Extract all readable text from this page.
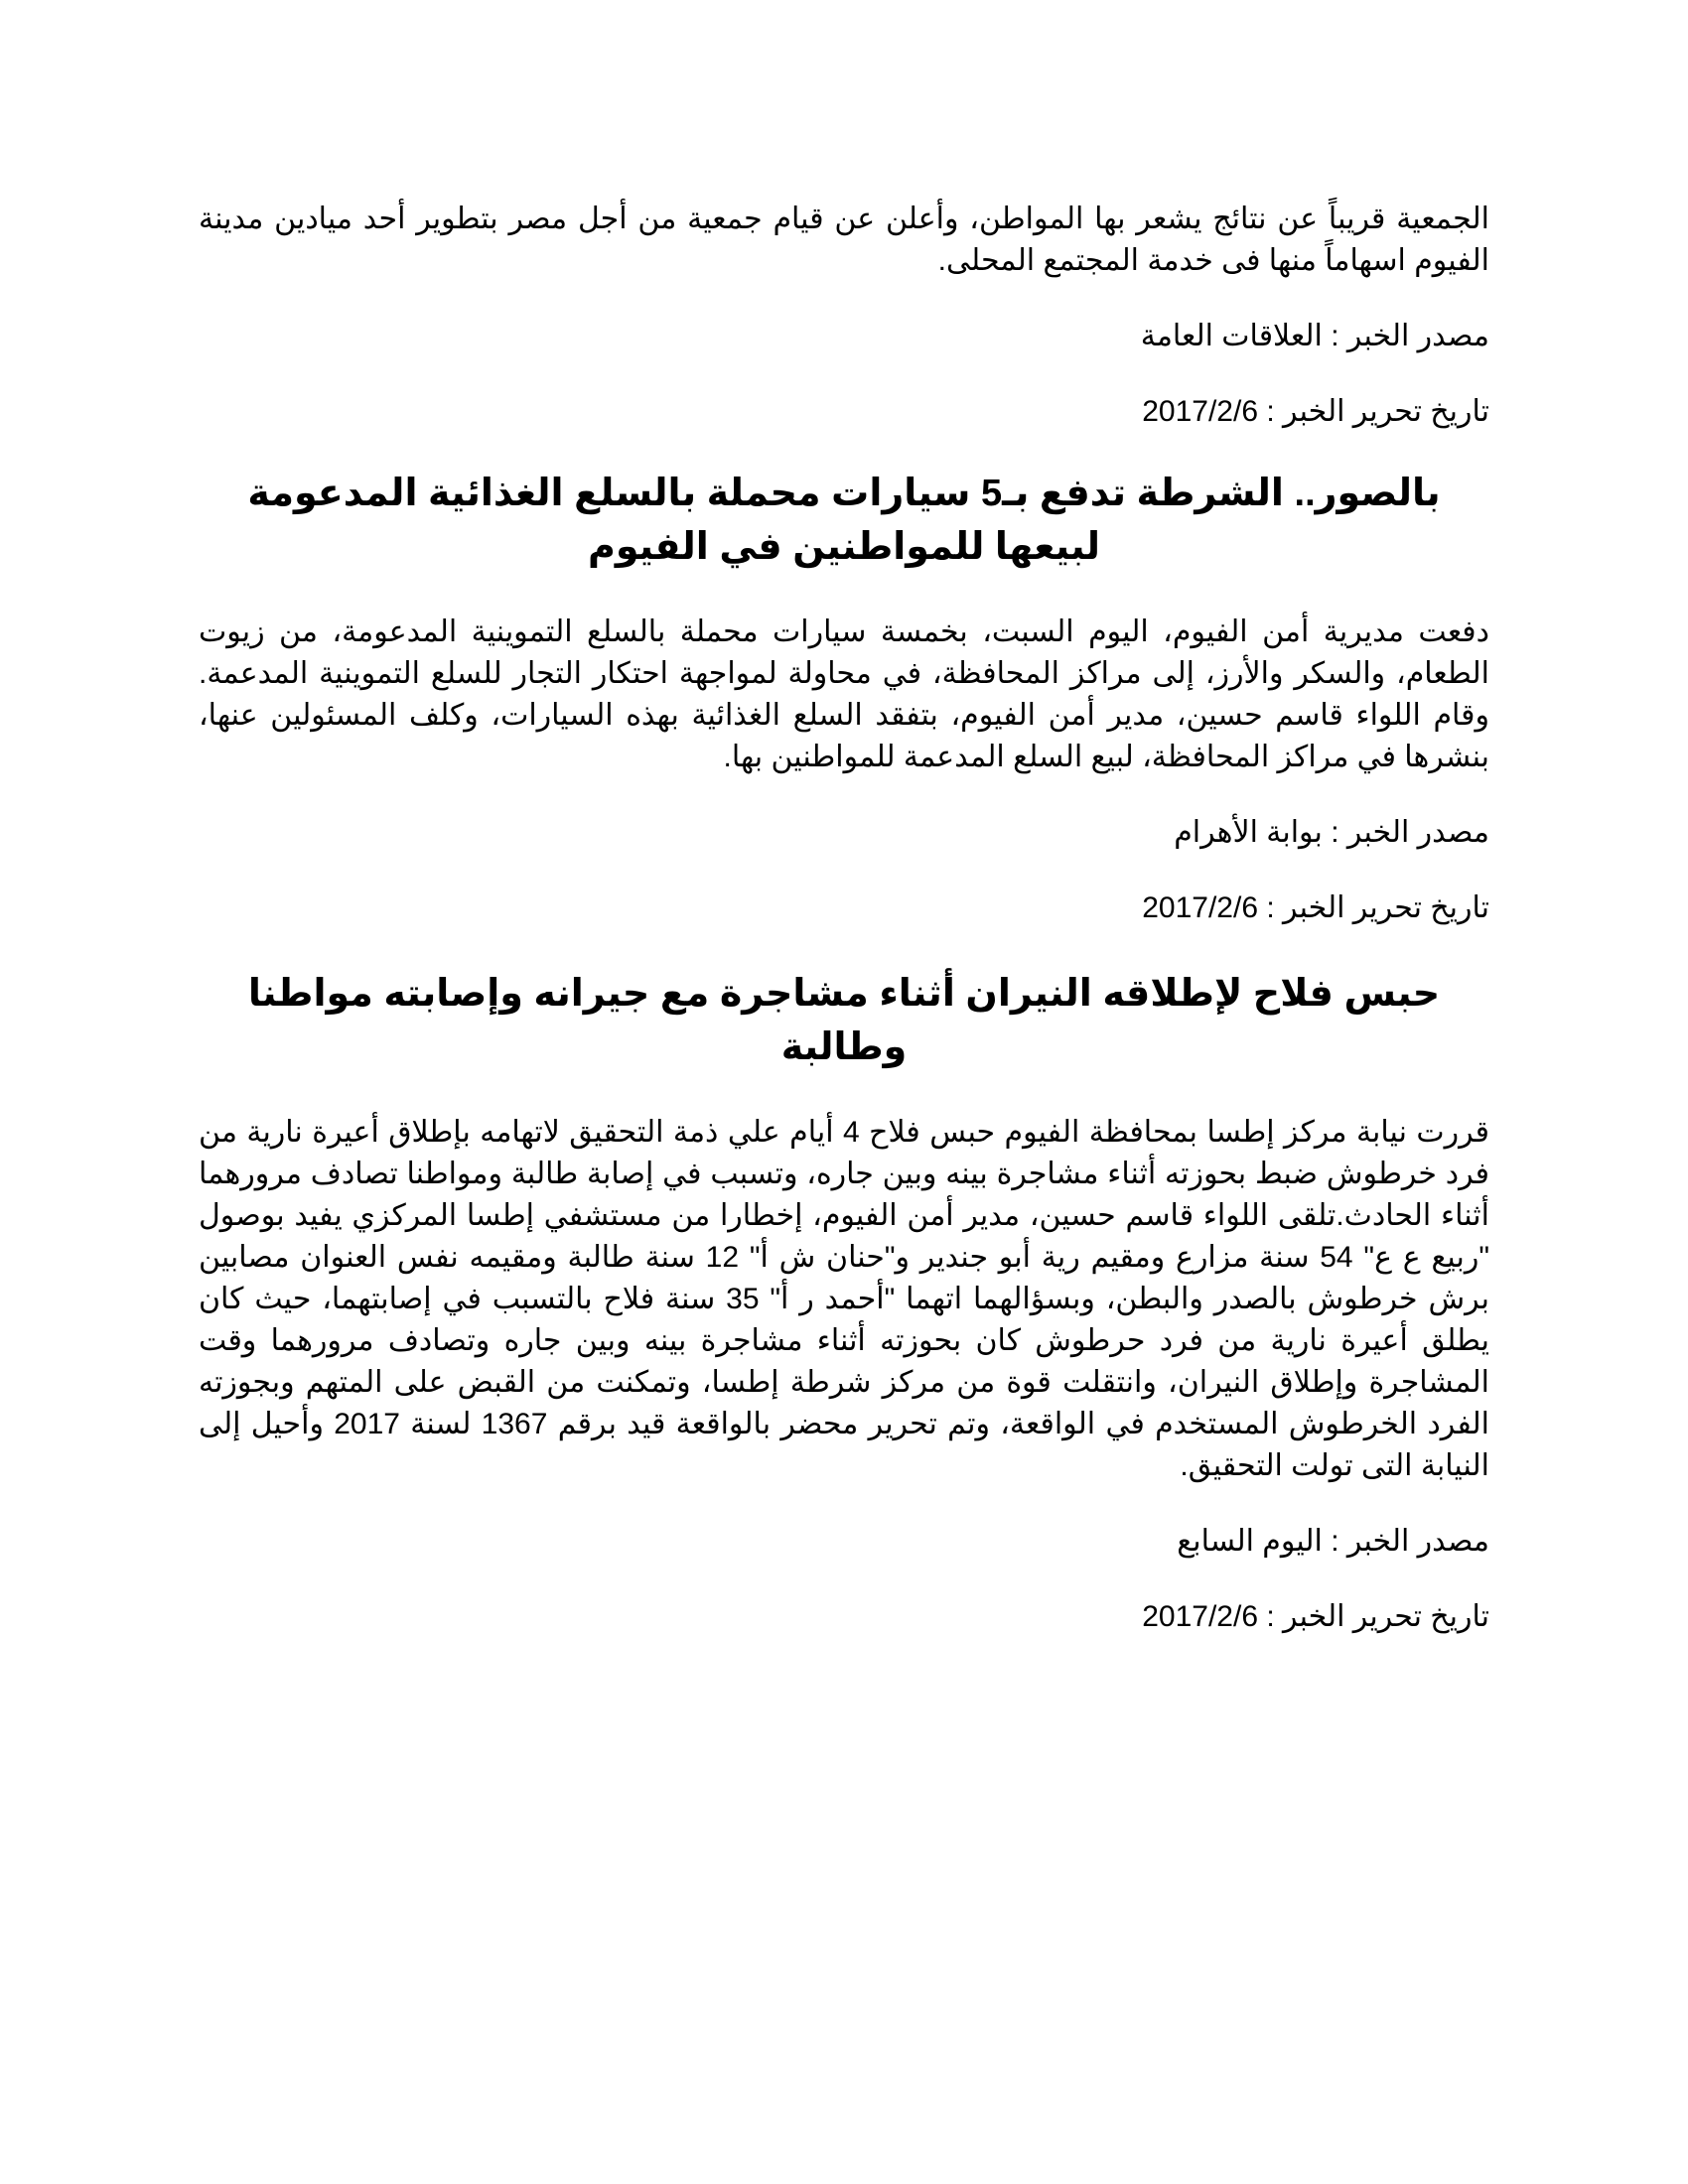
الجمعية قريباً عن نتائج يشعر بها المواطن، وأعلن عن قيام جمعية من أجل مصر بتطوير أحد ميادين مدينة الفيوم اسهاماً منها فى خدمة المجتمع المحلى.

مصدر الخبر : العلاقات العامة

تاريخ تحرير الخبر : 2017/2/6

بالصور.. الشرطة تدفع بـ5 سيارات محملة بالسلع الغذائية المدعومة لبيعها للمواطنين في الفيوم

دفعت مديرية أمن الفيوم، اليوم السبت، بخمسة سيارات محملة بالسلع التموينية المدعومة، من زيوت الطعام، والسكر والأرز، إلى مراكز المحافظة، في محاولة لمواجهة احتكار التجار للسلع التموينية المدعمة. وقام اللواء قاسم حسين، مدير أمن الفيوم، بتفقد السلع الغذائية بهذه السيارات، وكلف المسئولين عنها، بنشرها في مراكز المحافظة، لبيع السلع المدعمة للمواطنين بها.

مصدر الخبر : بوابة الأهرام

تاريخ تحرير الخبر : 2017/2/6

حبس فلاح لإطلاقه النيران أثناء مشاجرة مع جيرانه وإصابته مواطنا وطالبة

قررت نيابة مركز إطسا بمحافظة الفيوم حبس فلاح 4 أيام علي ذمة التحقيق لاتهامه بإطلاق أعيرة نارية من فرد خرطوش ضبط بحوزته أثناء مشاجرة بينه وبين جاره، وتسبب في إصابة طالبة ومواطنا تصادف مرورهما أثناء الحادث.تلقى اللواء قاسم حسين، مدير أمن الفيوم، إخطارا من مستشفي إطسا المركزي يفيد بوصول "ربيع ع ع" 54 سنة مزارع ومقيم رية أبو جندير و"حنان ش أ" 12 سنة طالبة ومقيمه نفس العنوان مصابين برش خرطوش بالصدر والبطن، وبسؤالهما اتهما "أحمد ر أ" 35 سنة فلاح بالتسبب في إصابتهما، حيث كان يطلق أعيرة نارية من فرد حرطوش كان بحوزته أثناء مشاجرة بينه وبين جاره وتصادف مرورهما وقت المشاجرة وإطلاق النيران، وانتقلت قوة من مركز شرطة إطسا، وتمكنت من القبض على المتهم وبجوزته الفرد الخرطوش المستخدم في الواقعة، وتم تحرير محضر بالواقعة قيد برقم 1367 لسنة 2017 وأحيل إلى النيابة التى تولت التحقيق.

مصدر الخبر : اليوم السابع

تاريخ تحرير الخبر : 2017/2/6
